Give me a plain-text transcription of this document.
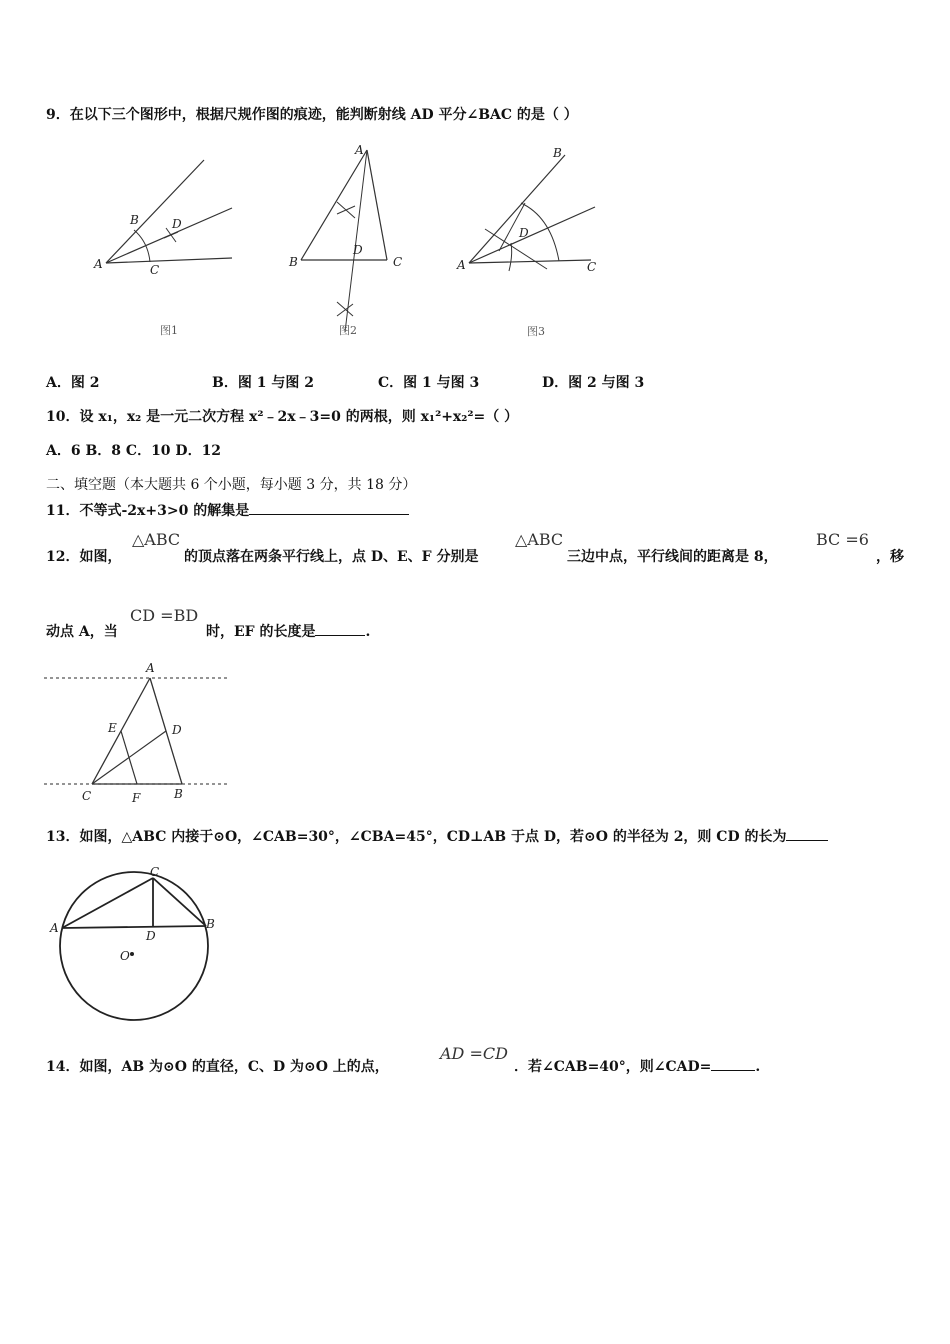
9．在以下三个图形中，根据尺规作图的痕迹，能判断射线 AD 平分∠BAC 的是（ ）
A
B
C
D
图1
A
B	C
D
图2
A
B
C
D
图3
A．图 2	B．图 1 与图 2	C．图 1 与图 3	D．图 2 与图 3
10．设 x₁，x₂ 是一元二次方程 x²﹣2x﹣3=0 的两根，则 x₁²+x₂²=（ ）
A．6 B．8 C．10 D．12
二、填空题（本大题共 6 个小题，每小题 3 分，共 18 分）
11．不等式-2x+3>0 的解集是
12．如图，
△ABC
的顶点落在两条平行线上，点 D、E、F 分别是
△ABC
三边中点，平行线间的距离是 8，
BC =6
，移
动点 A，当
CD =BD
时，EF 的长度是	.
A
E	D
C	F	B
13．如图，△ABC 内接于⊙O，∠CAB=30°，∠CBA=45°，CD⊥AB 于点 D，若⊙O 的半径为 2，则 CD 的长为
C
A	B
D
O
14．如图，AB 为⊙O 的直径，C、D 为⊙O 上的点，
AD =CD
．若∠CAB=40°，则∠CAD=	.
